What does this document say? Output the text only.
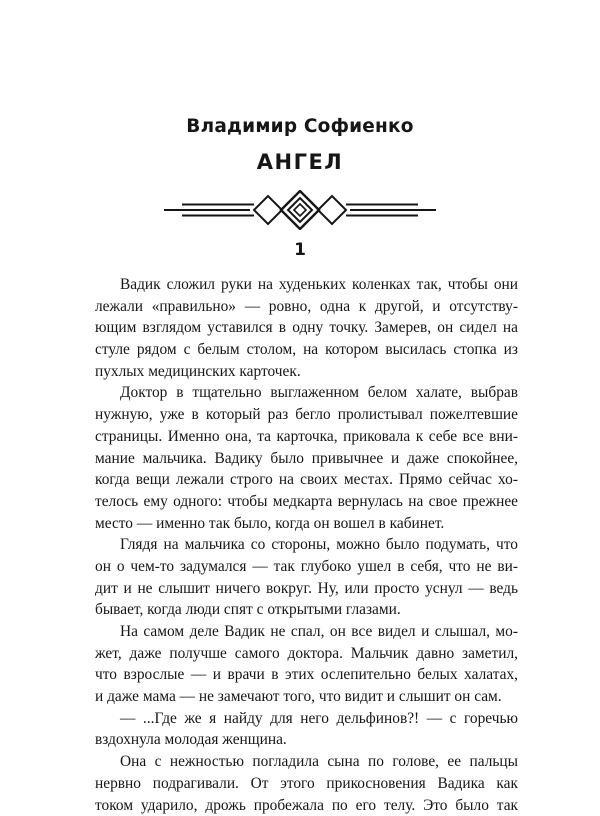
Владимир Софиенко
АНГЕЛ
1
Вадик сложил руки на худеньких коленках так, чтобы они
лежали «правильно» — ровно, одна к другой, и отсутству-
ющим взглядом уставился в одну точку. Замерев, он сидел на
стуле рядом с белым столом, на котором высилась стопка из
пухлых медицинских карточек.
Доктор в тщательно выглаженном белом халате, выбрав
нужную, уже в который раз бегло пролистывал пожелтевшие
страницы. Именно она, та карточка, приковала к себе все вни-
мание мальчика. Вадику было привычнее и даже спокойнее,
когда вещи лежали строго на своих местах. Прямо сейчас хо-
телось ему одного: чтобы медкарта вернулась на свое прежнее
место — именно так было, когда он вошел в кабинет.
Глядя на мальчика со стороны, можно было подумать, что
он о чем-то задумался — так глубоко ушел в себя, что не ви-
дит и не слышит ничего вокруг. Ну, или просто уснул — ведь
бывает, когда люди спят с открытыми глазами.
На самом деле Вадик не спал, он все видел и слышал, мо-
жет, даже получше самого доктора. Мальчик давно заметил,
что взрослые — и врачи в этих ослепительно белых халатах,
и даже мама — не замечают того, что видит и слышит он сам.
— ...Где же я найду для него дельфинов?! — с горечью
вздохнула молодая женщина.
Она с нежностью погладила сына по голове, ее пальцы
нервно подрагивали. От этого прикосновения Вадика как
током ударило, дрожь пробежала по его телу. Это было так
